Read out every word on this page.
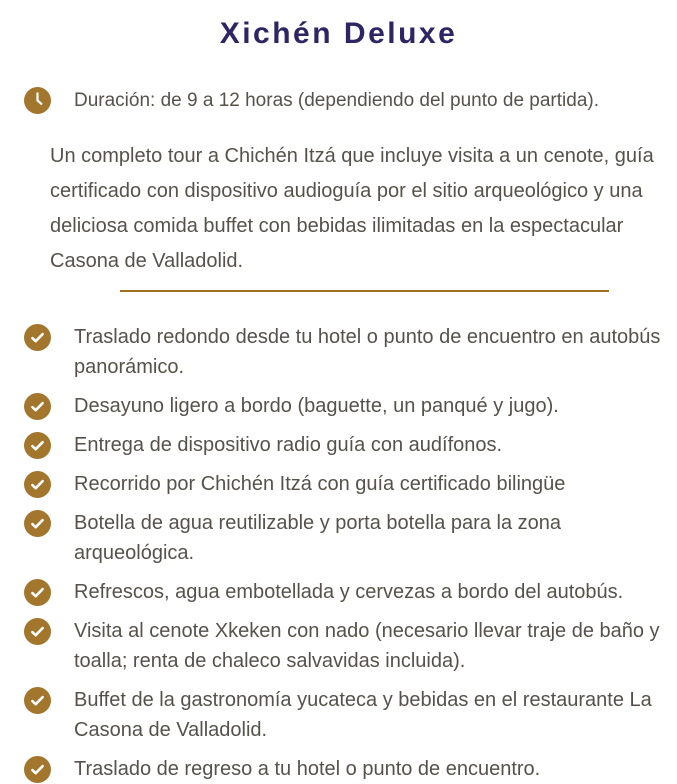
Xichén Deluxe
Duración: de 9 a 12 horas (dependiendo del punto de partida).

Un completo tour a Chichén Itzá que incluye visita a un cenote, guía certificado con dispositivo audioguía por el sitio arqueológico y una deliciosa comida buffet con bebidas ilimitadas en la espectacular Casona de Valladolid.

Traslado redondo desde tu hotel o punto de encuentro en autobús panorámico.
Desayuno ligero a bordo (baguette, un panqué y jugo).
Entrega de dispositivo radio guía con audífonos.
Recorrido por Chichén Itzá con guía certificado bilingüe
Botella de agua reutilizable y porta botella para la zona arqueológica.
Refrescos, agua embotellada y cervezas a bordo del autobús.
Visita al cenote Xkeken con nado (necesario llevar traje de baño y toalla; renta de chaleco salvavidas incluida).
Buffet de la gastronomía yucateca y bebidas en el restaurante La Casona de Valladolid.
Traslado de regreso a tu hotel o punto de encuentro.
